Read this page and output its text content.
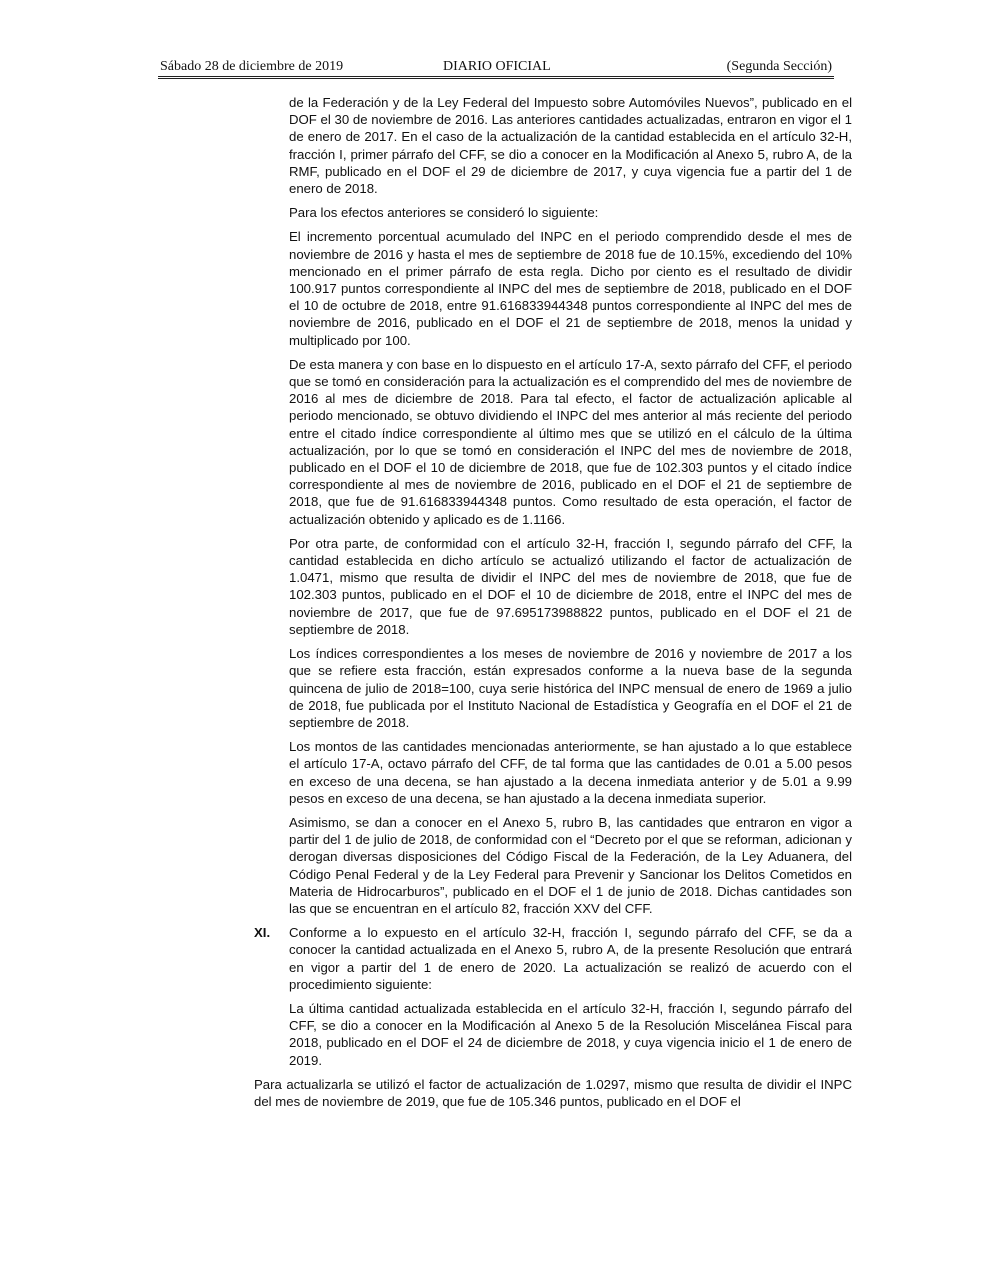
Sábado 28 de diciembre de 2019	DIARIO OFICIAL	(Segunda Sección)

de la Federación y de la Ley Federal del Impuesto sobre Automóviles Nuevos”, publicado en el DOF el 30 de noviembre de 2016. Las anteriores cantidades actualizadas, entraron en vigor el 1 de enero de 2017. En el caso de la actualización de la cantidad establecida en el artículo 32-H, fracción I, primer párrafo del CFF, se dio a conocer en la Modificación al Anexo 5, rubro A, de la RMF, publicado en el DOF el 29 de diciembre de 2017, y cuya vigencia fue a partir del 1 de enero de 2018.

Para los efectos anteriores se consideró lo siguiente:

El incremento porcentual acumulado del INPC en el periodo comprendido desde el mes de noviembre de 2016 y hasta el mes de septiembre de 2018 fue de 10.15%, excediendo del 10% mencionado en el primer párrafo de esta regla. Dicho por ciento es el resultado de dividir 100.917 puntos correspondiente al INPC del mes de septiembre de 2018, publicado en el DOF el 10 de octubre de 2018, entre 91.616833944348 puntos correspondiente al INPC del mes de noviembre de 2016, publicado en el DOF el 21 de septiembre de 2018, menos la unidad y multiplicado por 100.

De esta manera y con base en lo dispuesto en el artículo 17-A, sexto párrafo del CFF, el periodo que se tomó en consideración para la actualización es el comprendido del mes de noviembre de 2016 al mes de diciembre de 2018. Para tal efecto, el factor de actualización aplicable al periodo mencionado, se obtuvo dividiendo el INPC del mes anterior al más reciente del periodo entre el citado índice correspondiente al último mes que se utilizó en el cálculo de la última actualización, por lo que se tomó en consideración el INPC del mes de noviembre de 2018, publicado en el DOF el 10 de diciembre de 2018, que fue de 102.303 puntos y el citado índice correspondiente al mes de noviembre de 2016, publicado en el DOF el 21 de septiembre de 2018, que fue de 91.616833944348 puntos. Como resultado de esta operación, el factor de actualización obtenido y aplicado es de 1.1166.

Por otra parte, de conformidad con el artículo 32-H, fracción I, segundo párrafo del CFF, la cantidad establecida en dicho artículo se actualizó utilizando el factor de actualización de 1.0471, mismo que resulta de dividir el INPC del mes de noviembre de 2018, que fue de 102.303 puntos, publicado en el DOF el 10 de diciembre de 2018, entre el INPC del mes de noviembre de 2017, que fue de 97.695173988822 puntos, publicado en el DOF el 21 de septiembre de 2018.

Los índices correspondientes a los meses de noviembre de 2016 y noviembre de 2017 a los que se refiere esta fracción, están expresados conforme a la nueva base de la segunda quincena de julio de 2018=100, cuya serie histórica del INPC mensual de enero de 1969 a julio de 2018, fue publicada por el Instituto Nacional de Estadística y Geografía en el DOF el 21 de septiembre de 2018.

Los montos de las cantidades mencionadas anteriormente, se han ajustado a lo que establece el artículo 17-A, octavo párrafo del CFF, de tal forma que las cantidades de 0.01 a 5.00 pesos en exceso de una decena, se han ajustado a la decena inmediata anterior y de 5.01 a 9.99 pesos en exceso de una decena, se han ajustado a la decena inmediata superior.

Asimismo, se dan a conocer en el Anexo 5, rubro B, las cantidades que entraron en vigor a partir del 1 de julio de 2018, de conformidad con el “Decreto por el que se reforman, adicionan y derogan diversas disposiciones del Código Fiscal de la Federación, de la Ley Aduanera, del Código Penal Federal y de la Ley Federal para Prevenir y Sancionar los Delitos Cometidos en Materia de Hidrocarburos”, publicado en el DOF el 1 de junio de 2018. Dichas cantidades son las que se encuentran en el artículo 82, fracción XXV del CFF.

XI.	Conforme a lo expuesto en el artículo 32-H, fracción I, segundo párrafo del CFF, se da a conocer la cantidad actualizada en el Anexo 5, rubro A, de la presente Resolución que entrará en vigor a partir del 1 de enero de 2020. La actualización se realizó de acuerdo con el procedimiento siguiente:

La última cantidad actualizada establecida en el artículo 32-H, fracción I, segundo párrafo del CFF, se dio a conocer en la Modificación al Anexo 5 de la Resolución Miscelánea Fiscal para 2018, publicado en el DOF el 24 de diciembre de 2018, y cuya vigencia inicio el 1 de enero de 2019.

Para actualizarla se utilizó el factor de actualización de 1.0297, mismo que resulta de dividir el INPC del mes de noviembre de 2019, que fue de 105.346 puntos, publicado en el DOF el
